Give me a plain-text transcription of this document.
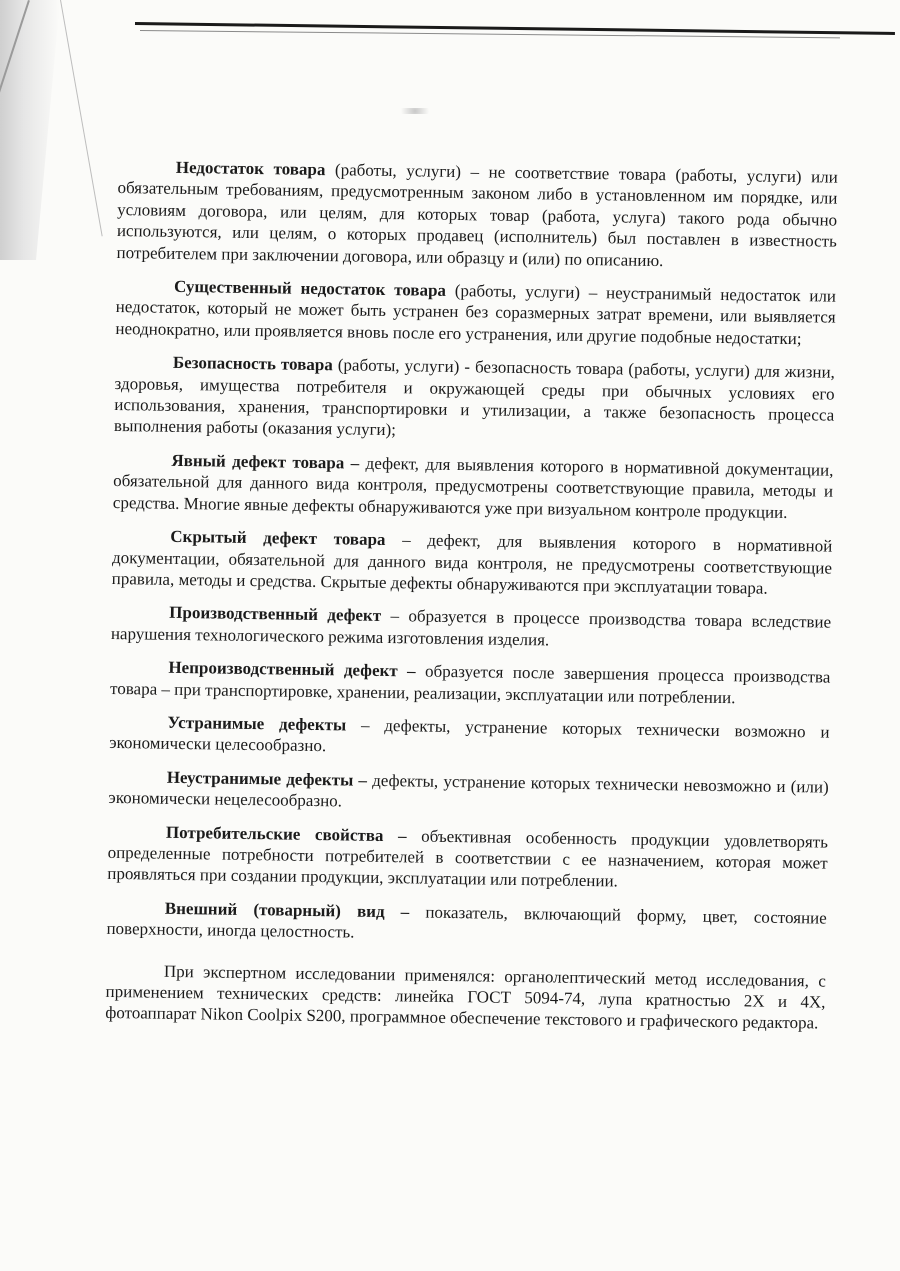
Недостаток товара (работы, услуги) – не соответствие товара (работы, услуги) или обязательным требованиям, предусмотренным законом либо в установленном им порядке, или условиям договора, или целям, для которых товар (работа, услуга) такого рода обычно используются, или целям, о которых продавец (исполнитель) был поставлен в известность потребителем при заключении договора, или образцу и (или) по описанию.

Существенный недостаток товара (работы, услуги) – неустранимый недостаток или недостаток, который не может быть устранен без соразмерных затрат времени, или выявляется неоднократно, или проявляется вновь после его устранения, или другие подобные недостатки;

Безопасность товара (работы, услуги) - безопасность товара (работы, услуги) для жизни, здоровья, имущества потребителя и окружающей среды при обычных условиях его использования, хранения, транспортировки и утилизации, а также безопасность процесса выполнения работы (оказания услуги);

Явный дефект товара – дефект, для выявления которого в нормативной документации, обязательной для данного вида контроля, предусмотрены соответствующие правила, методы и средства. Многие явные дефекты обнаруживаются уже при визуальном контроле продукции.

Скрытый дефект товара – дефект, для выявления которого в нормативной документации, обязательной для данного вида контроля, не предусмотрены соответствующие правила, методы и средства. Скрытые дефекты обнаруживаются при эксплуатации товара.

Производственный дефект – образуется в процессе производства товара вследствие нарушения технологического режима изготовления изделия.

Непроизводственный дефект – образуется после завершения процесса производства товара – при транспортировке, хранении, реализации, эксплуатации или потреблении.

Устранимые дефекты – дефекты, устранение которых технически возможно и экономически целесообразно.

Неустранимые дефекты – дефекты, устранение которых технически невозможно и (или) экономически нецелесообразно.

Потребительские свойства – объективная особенность продукции удовлетворять определенные потребности потребителей в соответствии с ее назначением, которая может проявляться при создании продукции, эксплуатации или потреблении.

Внешний (товарный) вид – показатель, включающий форму, цвет, состояние поверхности, иногда целостность.

При экспертном исследовании применялся: органолептический метод исследования, с применением технических средств: линейка ГОСТ 5094-74, лупа кратностью 2Х и 4Х, фотоаппарат Nikon Coolpix S200, программное обеспечение текстового и графического редактора.
